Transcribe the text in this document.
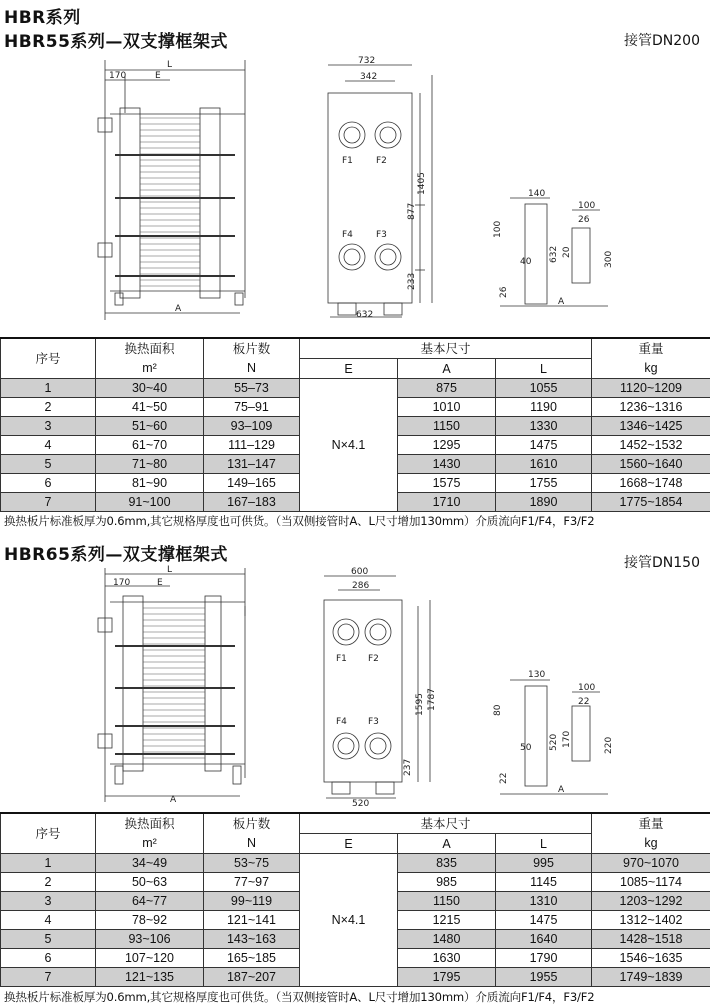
HBR系列
HBR55系列—双支撑框架式	接管DN200
L
170	E
A
732
342
632
1405
877
233
F1	F2
F4	F3
140
100
26
632	300
20
40
26
100
A
序号	换热面积	板片数	基本尺寸			重量
	m²	N	E	A	L	kg
1	30~40	55–73	N×4.1	875	1055	1120~1209
2	41~50	75–91		1010	1190	1236~1316
3	51~60	93–109		1150	1330	1346~1425
4	61~70	111–129		1295	1475	1452~1532
5	71~80	131–147		1430	1610	1560~1640
6	81~90	149–165		1575	1755	1668~1748
7	91~100	167–183		1710	1890	1775~1854
换热板片标准板厚为0.6mm,其它规格厚度也可供货。（当双侧接管时A、L尺寸增加130mm）介质流向F1/F4，F3/F2
HBR65系列—双支撑框架式	接管DN150
L
170	E
A
600
286
520
1787
1595
237
F1 F2
F4 F3
130
100
22
520	220
170
50
22
80
A
序号	换热面积	板片数	基本尺寸			重量
	m²	N	E	A	L	kg
1	34~49	53~75	N×4.1	835	995	970~1070
2	50~63	77~97		985	1145	1085~1174
3	64~77	99~119		1150	1310	1203~1292
4	78~92	121~141		1215	1475	1312~1402
5	93~106	143~163		1480	1640	1428~1518
6	107~120	165~185		1630	1790	1546~1635
7	121~135	187~207		1795	1955	1749~1839
换热板片标准板厚为0.6mm,其它规格厚度也可供货。（当双侧接管时A、L尺寸增加130mm）介质流向F1/F4，F3/F2
